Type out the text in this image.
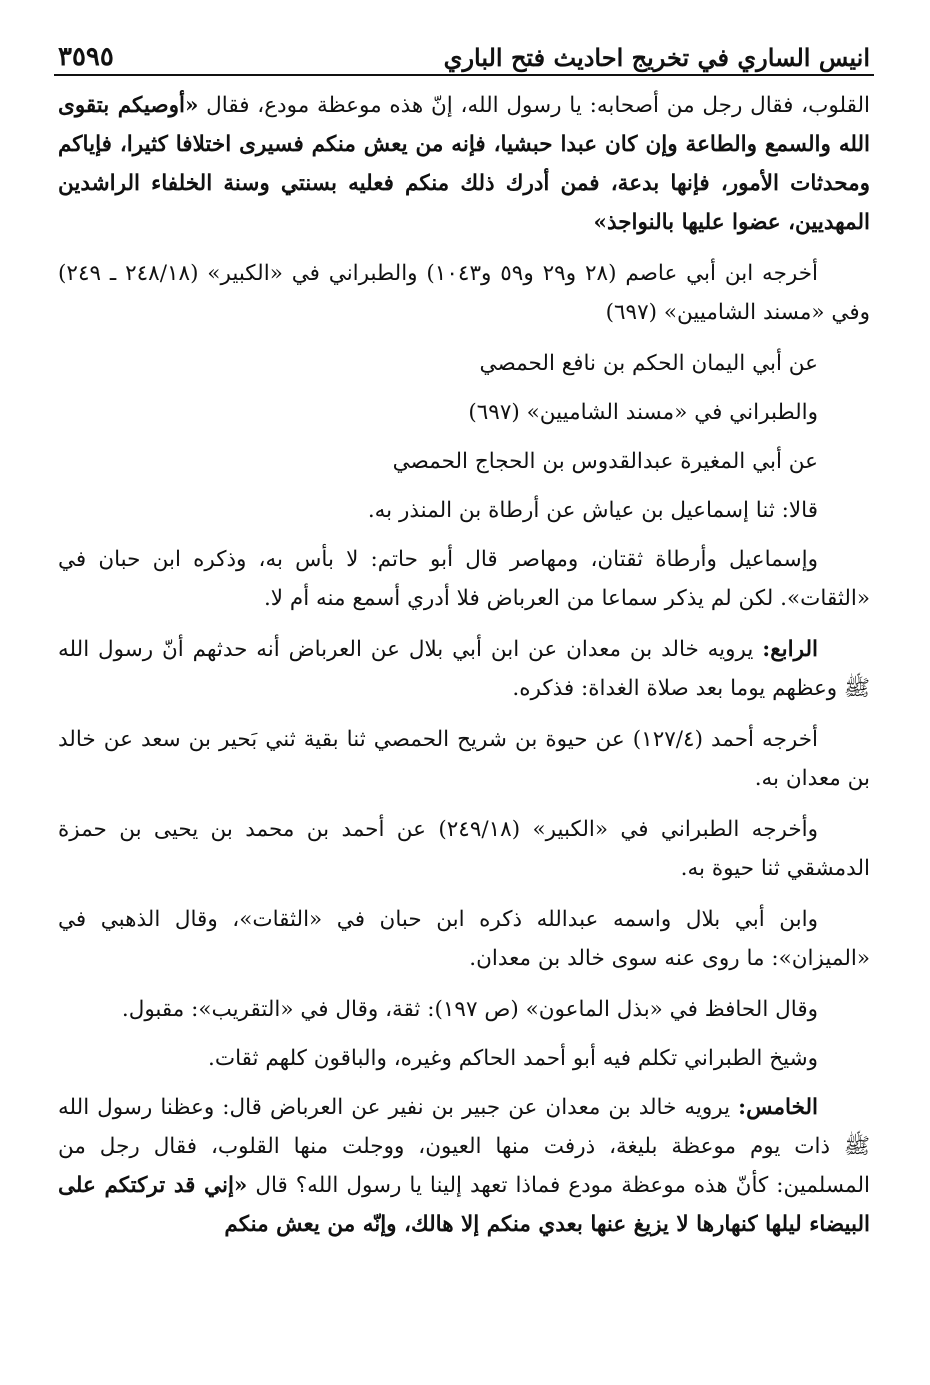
انيس الساري في تخريج احاديث فتح الباري
٣٥٩٥

القلوب، فقال رجل من أصحابه: يا رسول الله، إنّ هذه موعظة مودع، فقال «أوصيكم بتقوى الله والسمع والطاعة وإن كان عبدا حبشيا، فإنه من يعش منكم فسيرى اختلافا كثيرا، فإياكم ومحدثات الأمور، فإنها بدعة، فمن أدرك ذلك منكم فعليه بسنتي وسنة الخلفاء الراشدين المهديين، عضوا عليها بالنواجذ»

أخرجه ابن أبي عاصم (٢٨ و٢٩ و٥٩ و١٠٤٣) والطبراني في «الكبير» (٢٤٨/١٨ ـ ٢٤٩) وفي «مسند الشاميين» (٦٩٧)

عن أبي اليمان الحكم بن نافع الحمصي

والطبراني في «مسند الشاميين» (٦٩٧)

عن أبي المغيرة عبدالقدوس بن الحجاج الحمصي

قالا: ثنا إسماعيل بن عياش عن أرطاة بن المنذر به.

وإسماعيل وأرطاة ثقتان، ومهاصر قال أبو حاتم: لا بأس به، وذكره ابن حبان في «الثقات». لكن لم يذكر سماعا من العرباض فلا أدري أسمع منه أم لا.

الرابع: يرويه خالد بن معدان عن ابن أبي بلال عن العرباض أنه حدثهم أنّ رسول الله ﷺ وعظهم يوما بعد صلاة الغداة: فذكره.

أخرجه أحمد (١٢٧/٤) عن حيوة بن شريح الحمصي ثنا بقية ثني بَحير بن سعد عن خالد بن معدان به.

وأخرجه الطبراني في «الكبير» (٢٤٩/١٨) عن أحمد بن محمد بن يحيى بن حمزة الدمشقي ثنا حيوة به.

وابن أبي بلال واسمه عبدالله ذكره ابن حبان في «الثقات»، وقال الذهبي في «الميزان»: ما روى عنه سوى خالد بن معدان.

وقال الحافظ في «بذل الماعون» (ص ١٩٧): ثقة، وقال في «التقريب»: مقبول.

وشيخ الطبراني تكلم فيه أبو أحمد الحاكم وغيره، والباقون كلهم ثقات.

الخامس: يرويه خالد بن معدان عن جبير بن نفير عن العرباض قال: وعظنا رسول الله ﷺ ذات يوم موعظة بليغة، ذرفت منها العيون، ووجلت منها القلوب، فقال رجل من المسلمين: كأنّ هذه موعظة مودع فماذا تعهد إلينا يا رسول الله؟ قال «إني قد تركتكم على البيضاء ليلها كنهارها لا يزيغ عنها بعدي منكم إلا هالك، وإنّه من يعش منكم
